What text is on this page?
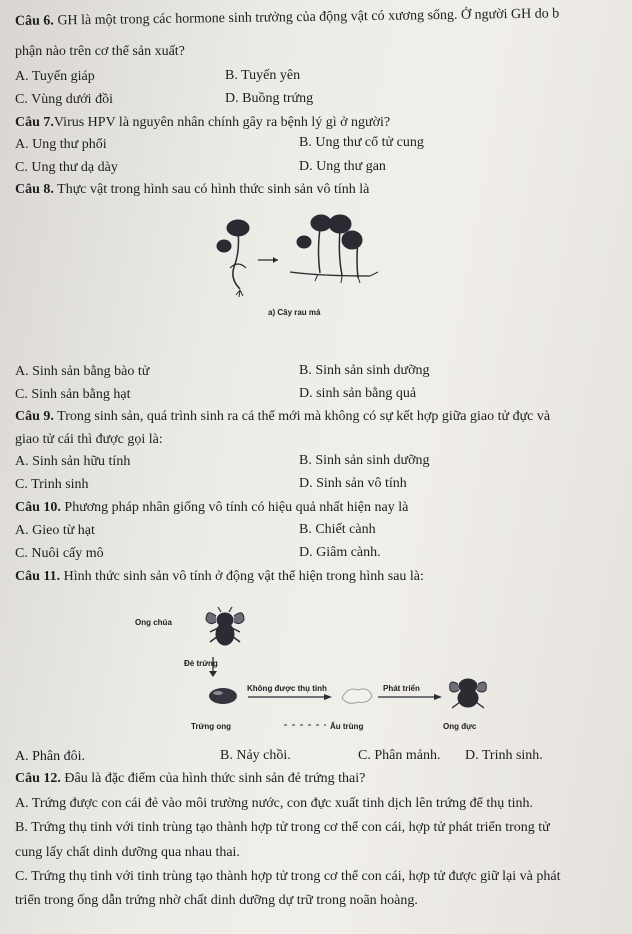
Câu 6. GH là một trong các hormone sinh trưởng của động vật có xương sống. Ở người GH do b
phận nào trên cơ thể sản xuất?
A. Tuyến giáp	B. Tuyến yên
C. Vùng dưới đồi	D. Buồng trứng
Câu 7.Virus HPV là nguyên nhân chính gây ra bệnh lý gì ở người?
A. Ung thư phổi	B. Ung thư cổ tử cung
C. Ung thư dạ dày	D. Ung thư gan
Câu 8. Thực vật trong hình sau có hình thức sinh sản vô tính là
a) Cây rau má
A. Sinh sản bằng bào tử	B. Sinh sản sinh dưỡng
C. Sinh sản bằng hạt	D. sinh sản bằng quả
Câu 9. Trong sinh sản, quá trình sinh ra cá thể mới mà không có sự kết hợp giữa giao tử đực và
giao tử cái thì được gọi là:
A. Sinh sản hữu tính	B. Sinh sản sinh dưỡng
C. Trinh sinh	D. Sinh sản vô tính
Câu 10. Phương pháp nhân giống vô tính có hiệu quả nhất hiện nay là
A. Gieo từ hạt	B. Chiết cành
C. Nuôi cấy mô	D. Giâm cành.
Câu 11. Hình thức sinh sản vô tính ở động vật thể hiện trong hình sau là:
Ong chúa
Đẻ trứng
Không được thụ tinh	Phát triển
Trứng ong	Ấu trùng	Ong đực
A. Phân đôi.	B. Nảy chồi.	C. Phân mảnh. D. Trinh sinh.
Câu 12. Đâu là đặc điểm của hình thức sinh sản đẻ trứng thai?
A. Trứng được con cái đẻ vào môi trường nước, con đực xuất tinh dịch lên trứng để thụ tinh.
B. Trứng thụ tinh với tinh trùng tạo thành hợp tử trong cơ thể con cái, hợp tử phát triển trong tử
cung lấy chất dinh dưỡng qua nhau thai.
C. Trứng thụ tinh với tinh trùng tạo thành hợp tử trong cơ thể con cái, hợp tử được giữ lại và phát
triển trong ống dẫn trứng nhờ chất dinh dưỡng dự trữ trong noãn hoàng.
